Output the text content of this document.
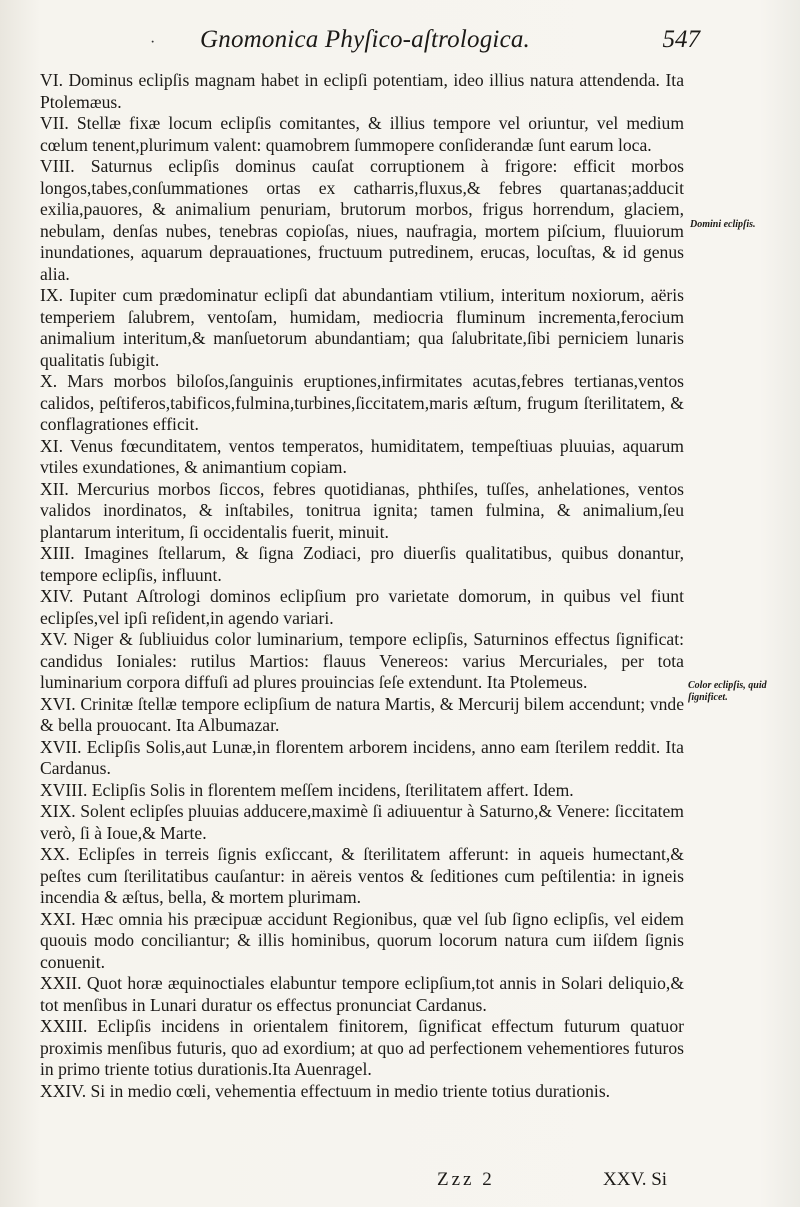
· Gnomonica Phyſico-aſtrologica.	547

VI. Dominus eclipſis magnam habet in eclipſi potentiam, ideo illius natura attendenda. Ita Ptolemæus.

VII. Stellæ fixæ locum eclipſis comitantes, & illius tempore vel oriuntur, vel medium cœlum tenent,plurimum valent: quamobrem ſummopere conſiderandæ ſunt earum loca.

VIII. Saturnus eclipſis dominus cauſat corruptionem à frigore: efficit morbos longos,tabes,conſummationes ortas ex catharris,fluxus,& febres quartanas;adducit exilia,pauores, & animalium penuriam, brutorum morbos, frigus horrendum, glaciem, nebulam, denſas nubes, tenebras copioſas, niues, naufragia, mortem piſcium, fluuiorum inundationes, aquarum deprauationes, fructuum putredinem, erucas, locuſtas, & id genus alia.

IX. Iupiter cum prædominatur eclipſi dat abundantiam vtilium, interitum noxiorum, aëris temperiem ſalubrem, ventoſam, humidam, mediocria fluminum incrementa,ferocium animalium interitum,& manſuetorum abundantiam; qua ſalubritate,ſibi perniciem lunaris qualitatis ſubigit.

X. Mars morbos biloſos,ſanguinis eruptiones,infirmitates acutas,febres tertianas,ventos calidos, peſtiferos,tabificos,fulmina,turbines,ſiccitatem,maris æſtum, frugum ſterilitatem, & conflagrationes efficit.

XI. Venus fœcunditatem, ventos temperatos, humiditatem, tempeſtiuas pluuias, aquarum vtiles exundationes, & animantium copiam.

XII. Mercurius morbos ſiccos, febres quotidianas, phthiſes, tuſſes, anhelationes, ventos validos inordinatos, & inſtabiles, tonitrua ignita; tamen fulmina, & animalium,ſeu plantarum interitum, ſi occidentalis fuerit, minuit.

XIII. Imagines ſtellarum, & ſigna Zodiaci, pro diuerſis qualitatibus, quibus donantur, tempore eclipſis, influunt.

XIV. Putant Aſtrologi dominos eclipſium pro varietate domorum, in quibus vel fiunt eclipſes,vel ipſi reſident,in agendo variari.

XV. Niger & ſubliuidus color luminarium, tempore eclipſis, Saturninos effectus ſignificat: candidus Ioniales: rutilus Martios: flauus Venereos: varius Mercuriales, per tota luminarium corpora diffuſi ad plures prouincias ſeſe extendunt. Ita Ptolemeus.

XVI. Crinitæ ſtellæ tempore eclipſium de natura Martis, & Mercurij bilem accendunt; vnde & bella prouocant. Ita Albumazar.

XVII. Eclipſis Solis,aut Lunæ,in florentem arborem incidens, anno eam ſterilem reddit. Ita Cardanus.

XVIII. Eclipſis Solis in florentem meſſem incidens, ſterilitatem affert. Idem.

XIX. Solent eclipſes pluuias adducere,maximè ſi adiuuentur à Saturno,& Venere: ſiccitatem verò, ſi à Ioue,& Marte.

XX. Eclipſes in terreis ſignis exſiccant, & ſterilitatem afferunt: in aqueis humectant,& peſtes cum ſterilitatibus cauſantur: in aëreis ventos & ſeditiones cum peſtilentia: in igneis incendia & æſtus, bella, & mortem plurimam.

XXI. Hæc omnia his præcipuæ accidunt Regionibus, quæ vel ſub ſigno eclipſis, vel eidem quouis modo conciliantur; & illis hominibus, quorum locorum natura cum iiſdem ſignis conuenit.

XXII. Quot horæ æquinoctiales elabuntur tempore eclipſium,tot annis in Solari deliquio,& tot menſibus in Lunari duratur os effectus pronunciat Cardanus.

XXIII. Eclipſis incidens in orientalem finitorem, ſignificat effectum futurum quatuor proximis menſibus futuris, quo ad exordium; at quo ad perfectionem vehementiores futuros in primo triente totius durationis.Ita Auenragel.

XXIV. Si in medio cœli, vehementia effectuum in medio triente totius durationis.

Domini eclipſis.
Color eclipſis, quid ſignificet.
Zzz 2	XXV. Si
